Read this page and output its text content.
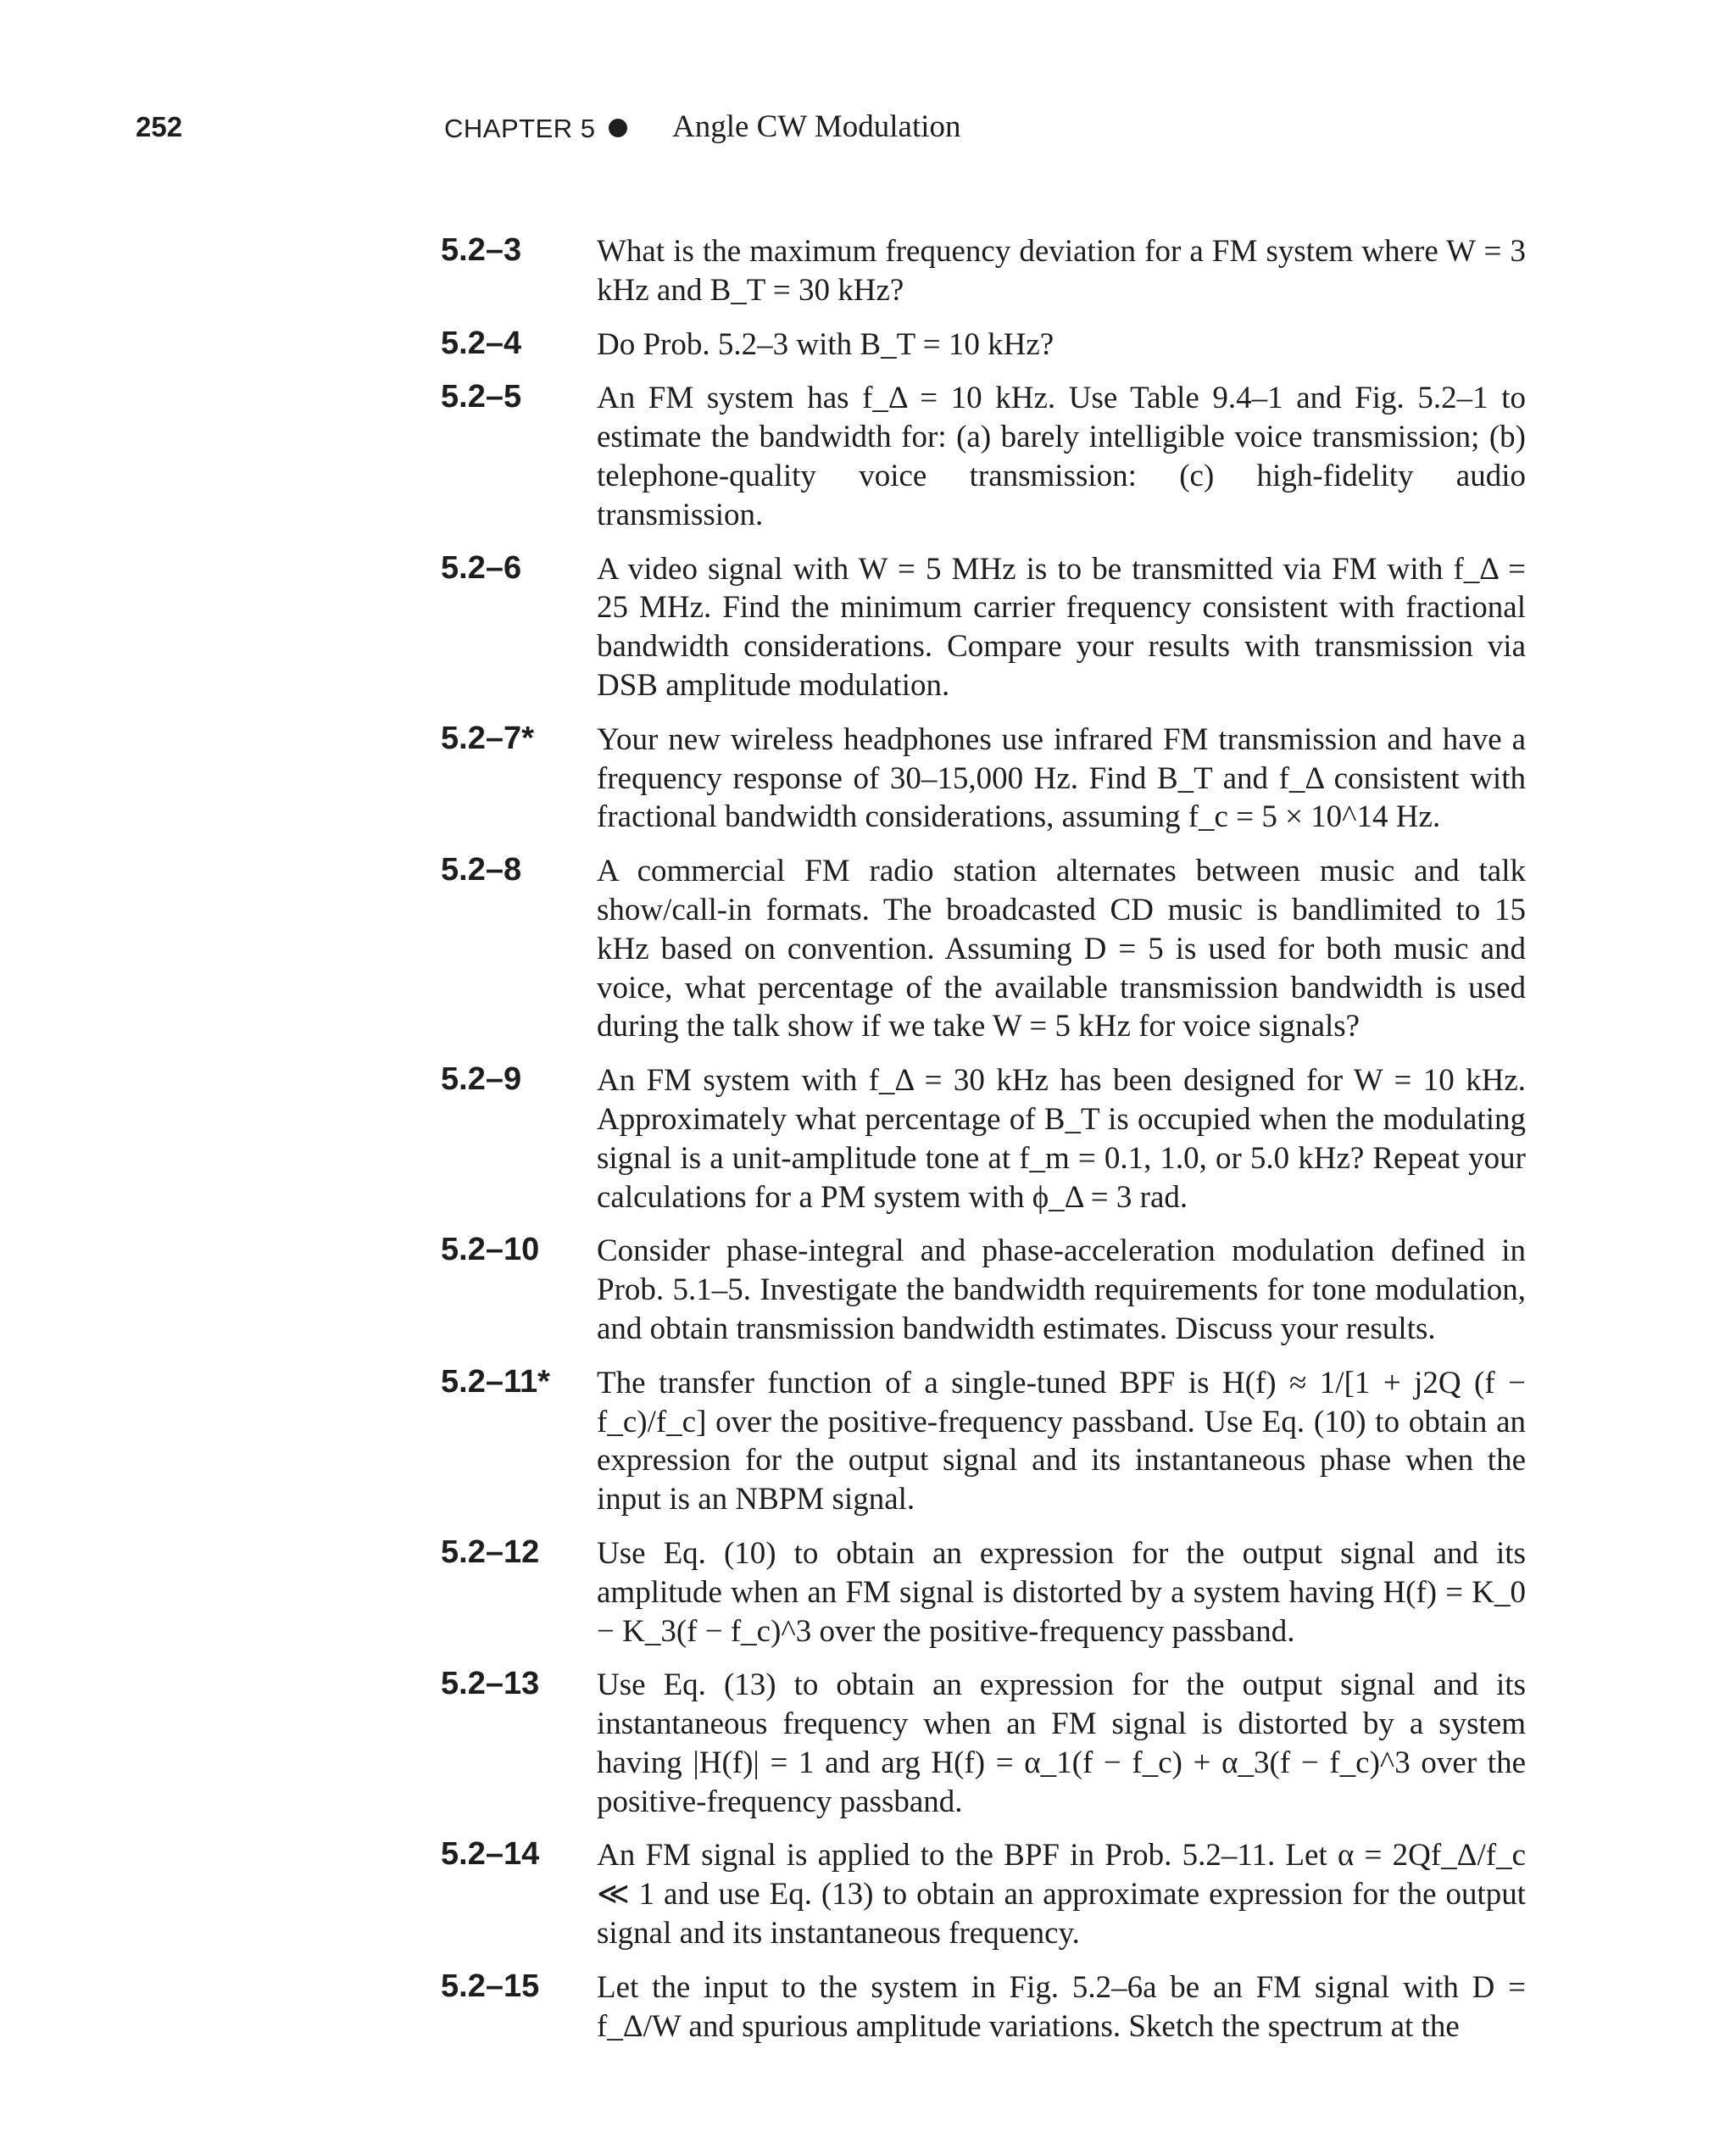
252	CHAPTER 5 Angle CW Modulation
5.2–3 What is the maximum frequency deviation for a FM system where W = 3 kHz and B_T = 30 kHz?
5.2–4 Do Prob. 5.2–3 with B_T = 10 kHz?
5.2–5 An FM system has f_Δ = 10 kHz. Use Table 9.4–1 and Fig. 5.2–1 to estimate the bandwidth for: (a) barely intelligible voice transmission; (b) telephone-quality voice transmission: (c) high-fidelity audio transmission.
5.2–6 A video signal with W = 5 MHz is to be transmitted via FM with f_Δ = 25 MHz. Find the minimum carrier frequency consistent with fractional bandwidth considerations. Compare your results with transmission via DSB amplitude modulation.
5.2–7* Your new wireless headphones use infrared FM transmission and have a frequency response of 30–15,000 Hz. Find B_T and f_Δ consistent with fractional bandwidth considerations, assuming f_c = 5 × 10^14 Hz.
5.2–8 A commercial FM radio station alternates between music and talk show/call-in formats. The broadcasted CD music is bandlimited to 15 kHz based on convention. Assuming D = 5 is used for both music and voice, what percentage of the available transmission bandwidth is used during the talk show if we take W = 5 kHz for voice signals?
5.2–9 An FM system with f_Δ = 30 kHz has been designed for W = 10 kHz. Approximately what percentage of B_T is occupied when the modulating signal is a unit-amplitude tone at f_m = 0.1, 1.0, or 5.0 kHz? Repeat your calculations for a PM system with ϕ_Δ = 3 rad.
5.2–10 Consider phase-integral and phase-acceleration modulation defined in Prob. 5.1–5. Investigate the bandwidth requirements for tone modulation, and obtain transmission bandwidth estimates. Discuss your results.
5.2–11* The transfer function of a single-tuned BPF is H(f) ≈ 1/[1 + j2Q (f − f_c)/f_c] over the positive-frequency passband. Use Eq. (10) to obtain an expression for the output signal and its instantaneous phase when the input is an NBPM signal.
5.2–12 Use Eq. (10) to obtain an expression for the output signal and its amplitude when an FM signal is distorted by a system having H(f) = K_0 − K_3(f − f_c)^3 over the positive-frequency passband.
5.2–13 Use Eq. (13) to obtain an expression for the output signal and its instantaneous frequency when an FM signal is distorted by a system having |H(f)| = 1 and arg H(f) = α_1(f − f_c) + α_3(f − f_c)^3 over the positive-frequency passband.
5.2–14 An FM signal is applied to the BPF in Prob. 5.2–11. Let α = 2Qf_Δ/f_c ≪ 1 and use Eq. (13) to obtain an approximate expression for the output signal and its instantaneous frequency.
5.2–15 Let the input to the system in Fig. 5.2–6a be an FM signal with D = f_Δ/W and spurious amplitude variations. Sketch the spectrum at the
